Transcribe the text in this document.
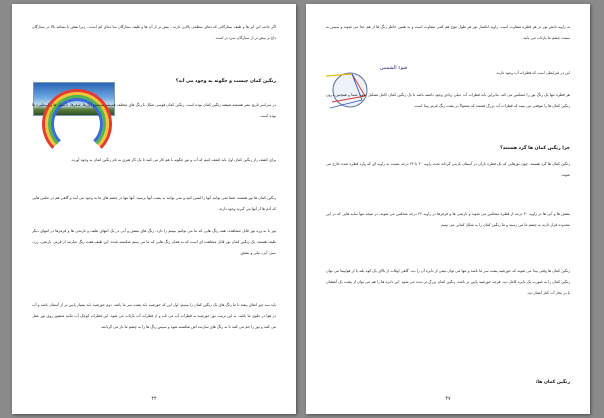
اگر جانب این ابر ها و طیف ستارگانی که دمای سطحی بالایی دارند ، بیش تر از آن ها و طیف ستارگان سا دمای کم است ، زیرا نقش با بسامد بالا در ستارگان داغ تر بیش تر از ستارگان سرد تر است .
رنگین کمان چیست و چگونه به وجود می آید؟
در سراسر تاریخ بشر همیشه شیفته رنگین کمان بوده است. رنگین کمان قوسی شکل با رنگ های مختلف همیشه موضوع آوازها، شعرها، داستان ها و اسطوره ها بوده است.
برای کشف راز رنگین کمان اول باید کشف کنیم که آب و نور چگونه با هم کار می کنند تا یک کار هنری به نام رنگین کمان به وجود آورند.
رنگین کمان ها نور هستند. شما نمی توانید آنها را لمس کنید و نمی توانید به پشت آنها برسید. آنها تنها در چشم های ما به وجود می آیند و گاهی هم در عکس هایی که آدم ها از آنها می گیرند وجود دارند.
نور با به وزه نور قابل مشاهده، همه رنگ هایی که ما می توانیم ببینیم را دارد. رنگ های بنفش و آبی در یک انتهای طیف و نارنجی ها و قرمزها در انتهای دیگر طیف هستند. یک رنگین کمان نور قابل مشاهده ای است که به همان رنگ هایی که ما می بینیم شکسته شده. این طیف هفت رنگ عبارتند از قرمز، نارنجی، زرد، سبز، آبی، نیلی و بنفش.
باید سه چیز اتفاق بیفتد تا ما رنگ های یک رنگین کمان را ببینیم: اول این که خورشید باید پشت سر ما باشد. دوم خورشید باید بسیار پایین تر از آسمان باشد و آب در هوا در جلوی ما باشد. به این ترتیب نور خورشید به قطرات آب می تابد و از قطرات آب بازتاب می شود. این قطرات کوچک آب مانند منشور روی نور عمل می کنند و نور را خم می کنند تا به رنگ های سازنده اش شکسته شود و سپس رنگ ها را به چشم ما باز می گردانند.
۴۴
به زاویه تابش نور در هر قطره متفاوت است. زاویه انکسار نور هر طول موج هم کمی متفاوت است و به همین خاطر رنگ ها از هم جدا می شوند و سپس به سمت چشم ما بازتاب می یابند.
ضوء الشمس
این در شرایطی است که قطرات آب وجود دارند.
هر قطره تنها یک رنگ نور را منعکس می کند. بنابراین باید قطرات آب خیلی زیادی وجود داشته باشد تا یک رنگین کمان کامل تشکیل شود. شما و همچنین درون رنگین کمان ها را موقعی می بینید که قطرات آب بزرگ هستند که معمولاً در پشت رنگ قرمز پیدا است.
چرا رنگین کمان ها گرد هستند؟
رنگین کمان ها گرد هستند. چون نورهایی که یک قطره باران در آسمان بازمی گرداند تحت زاویه ۴۰ تا ۴۲ درجه نسبت به زاویه ای که وارد قطره شده خارج می شوند.
بنفش ها و آبی ها در زاویه ۴۰ درجه از قطره منعکس می شوند و نارنجی ها و قرمزها در زاویه ۴۲ درجه منعکس می شوند. در نتیجه تنها سایه هایی که در این محدوده قرار دارند به چشم ما می رسند و ما رنگین کمان را به شکل کمانی می بینیم.
رنگین کمان ها وقتی پیدا می شوند که خورشید پشت سر ما باشد و تنها می توان نیمی از دایره آن را دید. گاهی اوقات از بالای یک کوه بلند یا از هواپیما می توان رنگین کمان را به صورت یک دایره کامل دید. هرچه خورشید پایین تر باشد، رنگین کمان بزرگ تر دیده می شود. این دایره ها را هم می توان از پشت یک آبفشان یا در بخار آب کنار آبشار دید.
رنگین کمان ها:
۴۷
